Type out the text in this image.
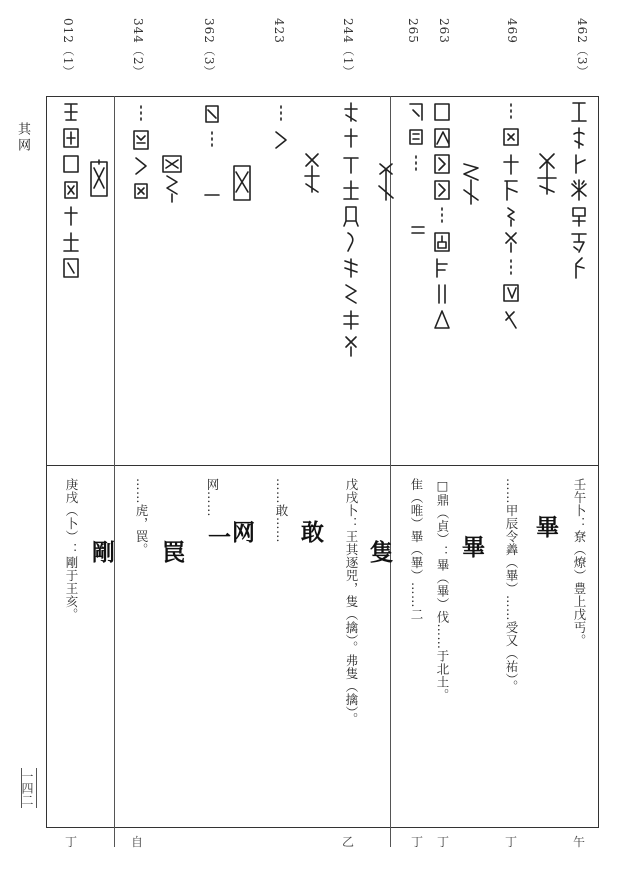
462（3）
469
263
265
244（1）
423
362（3）
344（2）
012（1）
其网
一四二
壬午卜：尞（燎）豊上戊丐。
……甲辰令羴（畢）……受又（祐）。
□鼎（貞）：畢（畢）伐……于北土。
隹（唯）畢（畢）……二
戊戌卜：王其逐兕，隻（擒）。弗隻（擒）。
……敢……
网……
……虎，罠。
庚戌（卜）：剛于王亥。	畢
畢
隻
敢
网
一
罠
剛
午
丁
丁
丁
乙
自
丁
